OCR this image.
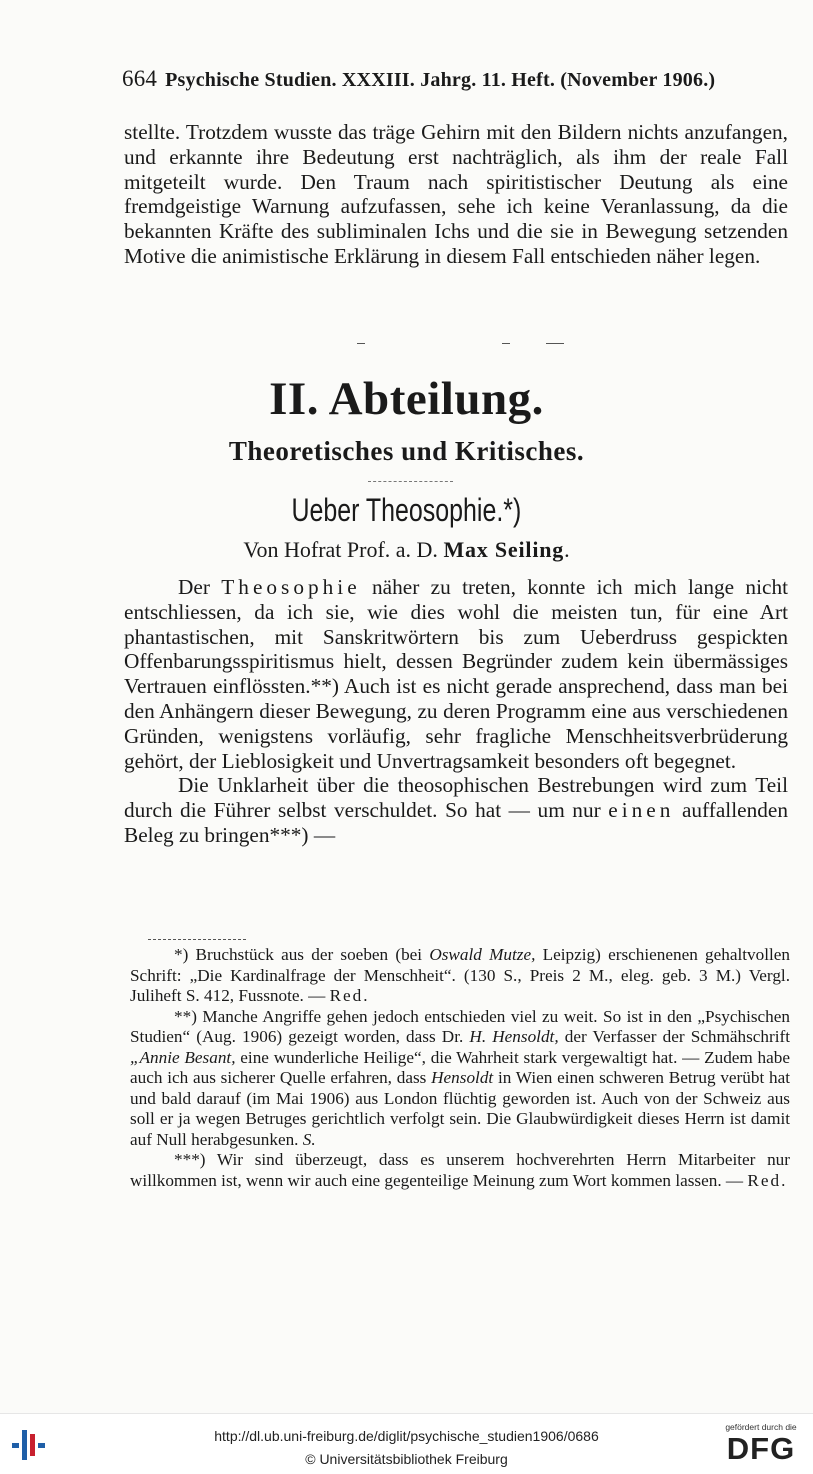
664 Psychische Studien. XXXIII. Jahrg. 11. Heft. (November 1906.)
stellte. Trotzdem wusste das träge Gehirn mit den Bildern nichts anzufangen, und erkannte ihre Bedeutung erst nachträglich, als ihm der reale Fall mitgeteilt wurde. Den Traum nach spiritistischer Deutung als eine fremdgeistige Warnung aufzufassen, sehe ich keine Veranlassung, da die bekannten Kräfte des subliminalen Ichs und die sie in Bewegung setzenden Motive die animistische Erklärung in diesem Fall entschieden näher legen.
II. Abteilung.
Theoretisches und Kritisches.
Ueber Theosophie.*)
Von Hofrat Prof. a. D. Max Seiling.

Der Theosophie näher zu treten, konnte ich mich lange nicht entschliessen, da ich sie, wie dies wohl die meisten tun, für eine Art phantastischen, mit Sanskritwörtern bis zum Ueberdruss gespickten Offenbarungsspiritismus hielt, dessen Begründer zudem kein übermässiges Vertrauen einflössten.**) Auch ist es nicht gerade ansprechend, dass man bei den Anhängern dieser Bewegung, zu deren Programm eine aus verschiedenen Gründen, wenigstens vorläufig, sehr fragliche Menschheitsverbrüderung gehört, der Lieblosigkeit und Unvertragsamkeit besonders oft begegnet.

Die Unklarheit über die theosophischen Bestrebungen wird zum Teil durch die Führer selbst verschuldet. So hat — um nur einen auffallenden Beleg zu bringen***) —

*) Bruchstück aus der soeben (bei Oswald Mutze, Leipzig) erschienenen gehaltvollen Schrift: „Die Kardinalfrage der Menschheit“. (130 S., Preis 2 M., eleg. geb. 3 M.) Vergl. Juliheft S. 412, Fussnote. — Red.

**) Manche Angriffe gehen jedoch entschieden viel zu weit. So ist in den „Psychischen Studien“ (Aug. 1906) gezeigt worden, dass Dr. H. Hensoldt, der Verfasser der Schmähschrift „Annie Besant, eine wunderliche Heilige“, die Wahrheit stark vergewaltigt hat. — Zudem habe auch ich aus sicherer Quelle erfahren, dass Hensoldt in Wien einen schweren Betrug verübt hat und bald darauf (im Mai 1906) aus London flüchtig geworden ist. Auch von der Schweiz aus soll er ja wegen Betruges gerichtlich verfolgt sein. Die Glaubwürdigkeit dieses Herrn ist damit auf Null herabgesunken. S.

***) Wir sind überzeugt, dass es unserem hochverehrten Herrn Mitarbeiter nur willkommen ist, wenn wir auch eine gegenteilige Meinung zum Wort kommen lassen. — Red.

http://dl.ub.uni-freiburg.de/diglit/psychische_studien1906/0686
© Universitätsbibliothek Freiburg
gefördert durch die
DFG
